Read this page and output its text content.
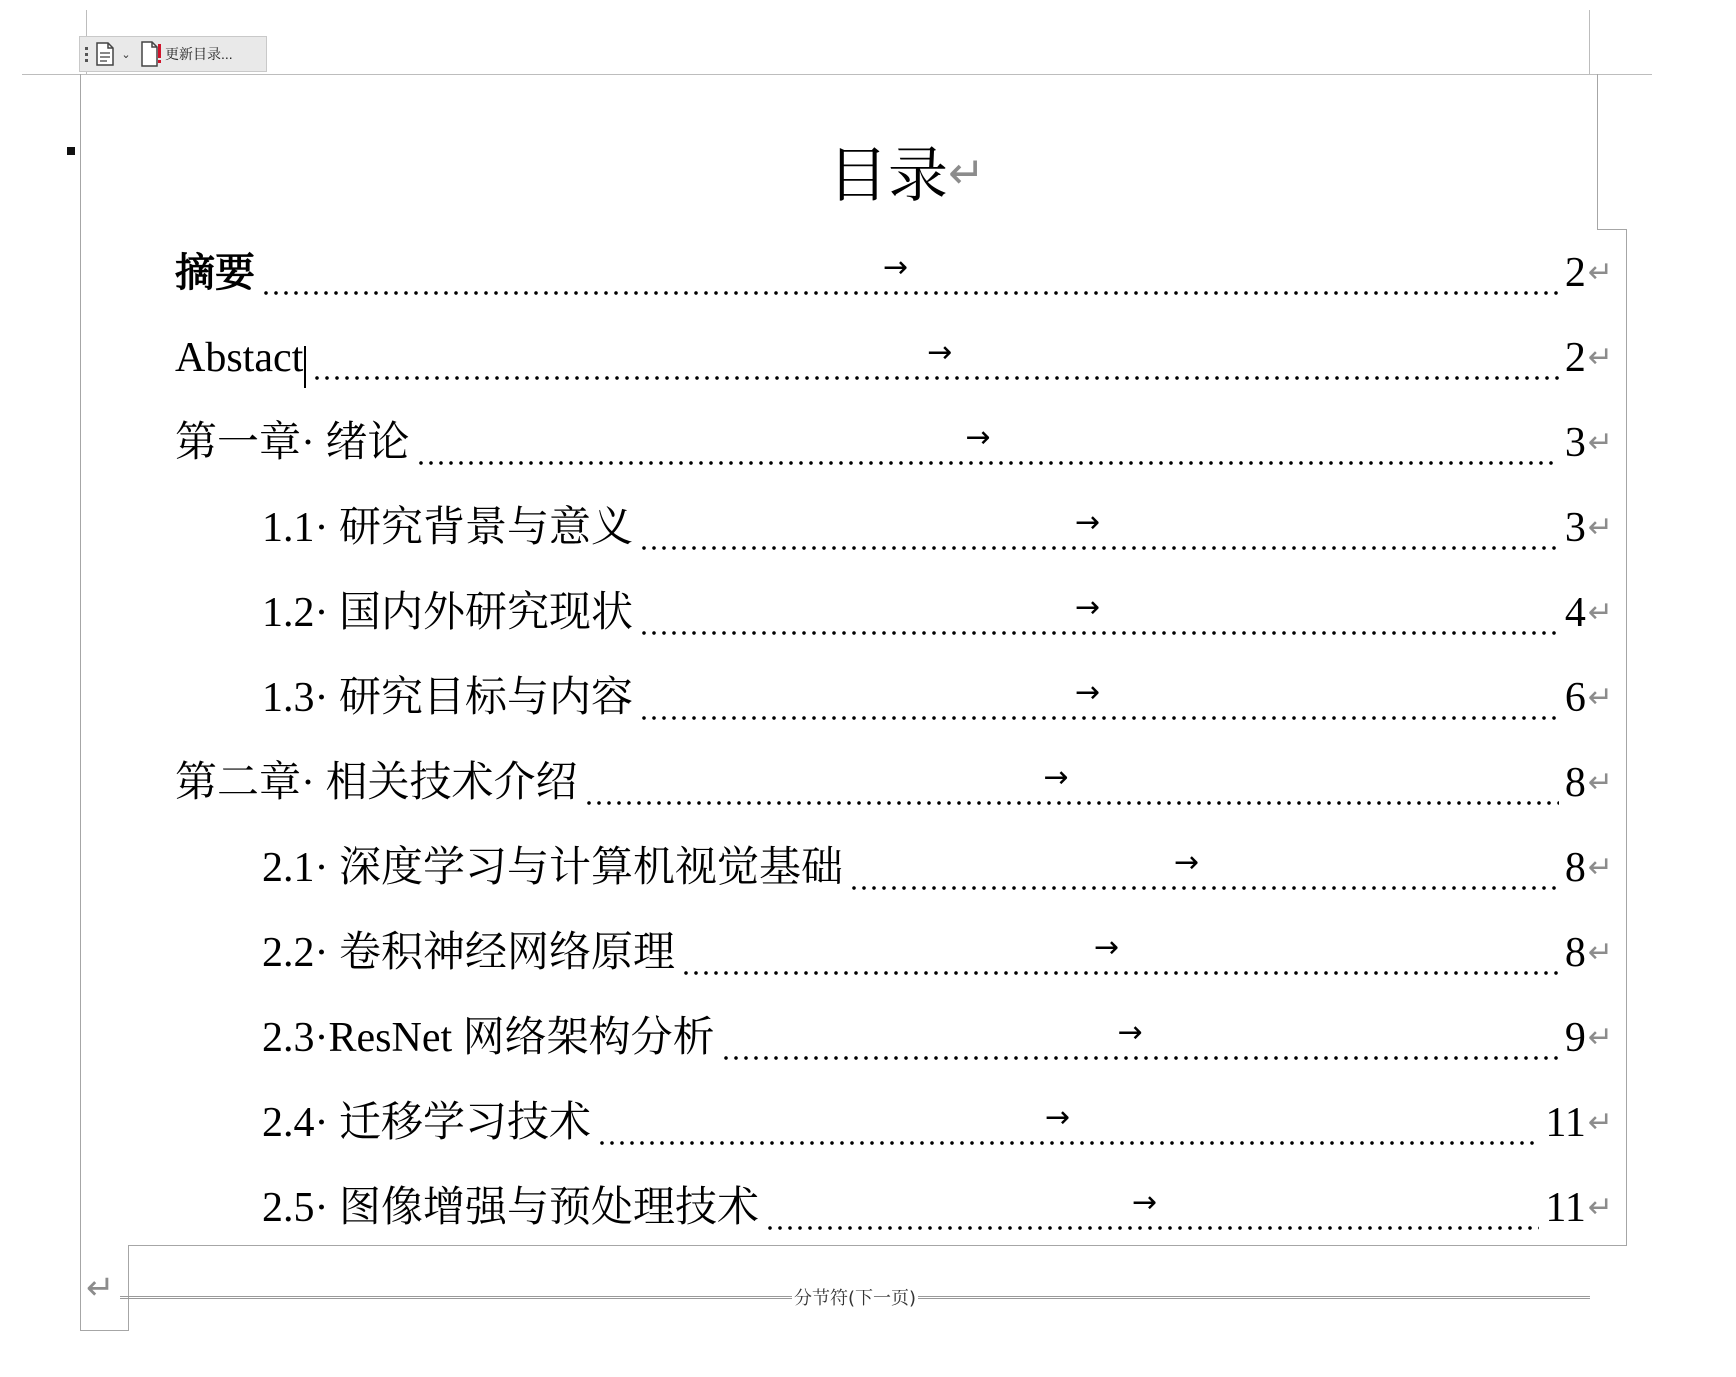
⌄ 更新目录...
目录↵
摘要	→	2 ↵
Abstact	→	2 ↵
第一章· 绪论	→	3 ↵
1.1· 研究背景与意义	→	3 ↵
1.2· 国内外研究现状	→	4 ↵
1.3· 研究目标与内容	→	6 ↵
第二章· 相关技术介绍	→	8 ↵
2.1· 深度学习与计算机视觉基础	→	8 ↵
2.2· 卷积神经网络原理	→	8 ↵
2.3·ResNet 网络架构分析	→	9 ↵
2.4· 迁移学习技术	→	11 ↵
2.5· 图像增强与预处理技术	→	11 ↵
↵	分节符(下一页)
